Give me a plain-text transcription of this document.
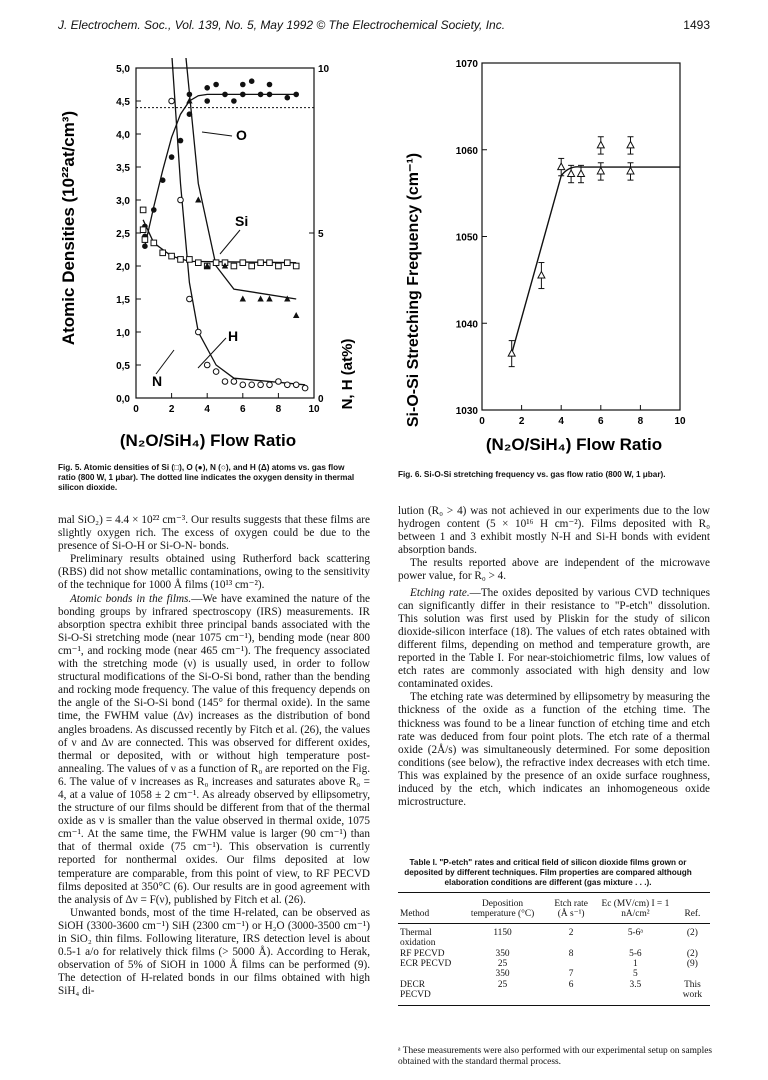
J. Electrochem. Soc., Vol. 139, No. 5, May 1992 © The Electrochemical Society, Inc.	1493
Atomic Densities (10²²at/cm³)
N, H (at%)
(N₂O/SiH₄) Flow Ratio
5,0
4,5
4,0
3,5
3,0
2,5
2,0
1,5
1,0
0,5
0,0
10
5
0
0	2	4	6	8	10
O
Si
H
N
Fig. 5. Atomic densities of Si (□), O (●), N (○), and H (Δ) atoms vs. gas flow ratio (800 W, 1 μbar). The dotted line indicates the oxygen density in thermal silicon dioxide.
Si-O-Si Stretching Frequency (cm⁻¹)
(N₂O/SiH₄) Flow Ratio
1070
1060
1050
1040
1030
0	2	4	6	8	10
Fig. 6. Si-O-Si stretching frequency vs. gas flow ratio (800 W, 1 μbar).

mal SiO₂) = 4.4 × 10²² cm⁻³. Our results suggests that these films are slightly oxygen rich. The excess of oxygen could be due to the presence of Si-O-H or Si-O-N- bonds.

Preliminary results obtained using Rutherford back scattering (RBS) did not show metallic contaminations, owing to the sensitivity of the technique for 1000 Å films (10¹³ cm⁻²).

Atomic bonds in the films.—We have examined the nature of the bonding groups by infrared spectroscopy (IRS) measurements. IR absorption spectra exhibit three principal bands associated with the Si-O-Si stretching mode (near 1075 cm⁻¹), bending mode (near 800 cm⁻¹, and rocking mode (near 465 cm⁻¹). The frequency associated with the stretching mode (ν) is usually used, in order to follow structural modifications of the Si-O-Si bond, rather than the bending and rocking mode frequency. The value of this frequency depends on the angle of the Si-O-Si bond (145° for thermal oxide). In the same time, the FWHM value (Δν) increases as the distribution of bond angles broadens. As discussed recently by Fitch et al. (26), the values of ν and Δν are connected. This was observed for different oxides, thermal or deposited, with or without high temperature post-annealing. The values of ν as a function of R₀ are reported on the Fig. 6. The value of ν increases as R₀ increases and saturates above R₀ = 4, at a value of 1058 ± 2 cm⁻¹. As already observed by ellipsometry, the structure of our films should be different from that of the thermal oxide as ν is smaller than the value observed in thermal oxide, 1075 cm⁻¹. At the same time, the FWHM value is larger (90 cm⁻¹) than that of thermal oxide (75 cm⁻¹). This observation is currently reported for nonthermal oxides. Our films deposited at low temperature are comparable, from this point of view, to RF PECVD films deposited at 350°C (6). Our results are in good agreement with the analysis of Δν = F(ν), published by Fitch et al. (26).

Unwanted bonds, most of the time H-related, can be observed as SiOH (3300-3600 cm⁻¹) SiH (2300 cm⁻¹) or H₂O (3000-3500 cm⁻¹) in SiO₂ thin films. Following literature, IRS detection level is about 0.5-1 a/o for relatively thick films (> 5000 Å). According to Herak, observation of 5% of SiOH in 1000 Å films can be performed (9). The detection of H-related bonds in our films obtained with high SiH₄ di-

lution (R₀ > 4) was not achieved in our experiments due to the low hydrogen content (5 × 10¹⁶ H cm⁻²). Films deposited with R₀ between 1 and 3 exhibit mostly N-H and Si-H bonds with evident absorption bands.

The results reported above are independent of the microwave power value, for R₀ > 4.

Etching rate.—The oxides deposited by various CVD techniques can significantly differ in their resistance to "P-etch" dissolution. This solution was first used by Pliskin for the study of silicon dioxide-silicon interface (18). The values of etch rates obtained with different films, depending on method and temperature growth, are reported in the Table I. For near-stoichiometric films, low values of etch rates are commonly associated with high density and low contaminated oxides.

The etching rate was determined by ellipsometry by measuring the thickness of the oxide as a function of the etching time. The thickness was found to be a linear function of etching time and etch rate was deduced from four point plots. The etch rate of a thermal oxide (2Å/s) was simultaneously determined. For some deposition conditions (see below), the refractive index decreases with etch time. This was explained by the presence of an oxide surface roughness, induced by the etch, which indicates an inhomogeneous oxide microstructure.

Table I. "P-etch" rates and critical field of silicon dioxide films grown or deposited by different techniques. Film properties are compared although elaboration conditions are different (gas mixture . . .).
Method	Deposition temperature (°C)	Etch rate (Å s⁻¹)	Ec (MV/cm) I = 1 nA/cm²	Ref.
Thermal oxidation	1150	2	5-6ᵃ	(2)
RF PECVD	350	8	5-6	(2)
ECR PECVD	25		1	(9)
	350	7	5	
DECR PECVD	25	6	3.5	This work
ᵃ These measurements were also performed with our experimental setup on samples obtained with the standard thermal process.
